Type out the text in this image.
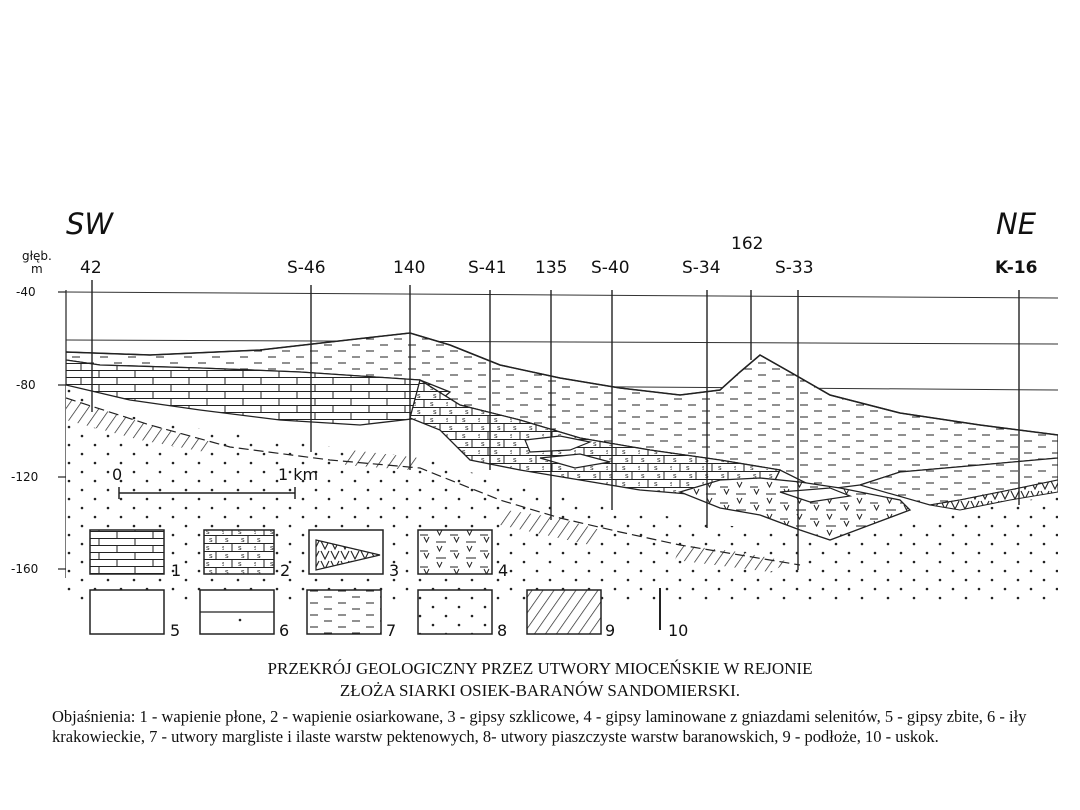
SW	NE
głęb.
m
-40
-80
-120
-160
42	S-46	140	S-41 135 S-40	S-34
162
S-33	K-16
0	1 km
1	2	3	4
5	6	7	8	9	10
PRZEKRÓJ GEOLOGICZNY PRZEZ UTWORY MIOCEŃSKIE W REJONIE
ZŁOŻA SIARKI OSIEK-BARANÓW SANDOMIERSKI.
Objaśnienia: 1 - wapienie płone, 2 - wapienie osiarkowane, 3 - gipsy szklicowe, 4 - gipsy laminowane z gniazdami selenitów, 5 - gipsy zbite, 6 - iły krakowieckie, 7 - utwory margliste i ilaste warstw pektenowych, 8- utwory piaszczyste warstw baranowskich, 9 - podłoże, 10 - uskok.
